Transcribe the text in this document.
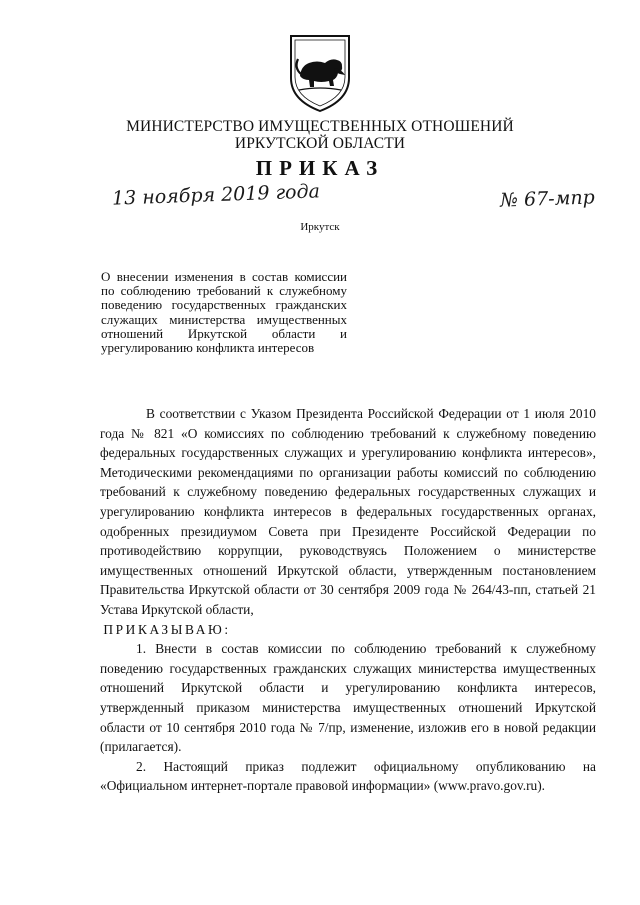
МИНИСТЕРСТВО ИМУЩЕСТВЕННЫХ ОТНОШЕНИЙ
ИРКУТСКОЙ ОБЛАСТИ
ПРИКАЗ
13 ноября 2019 года	№ 67-мпр
Иркутск
О внесении изменения в состав комиссии по соблюдению требований к служебному поведению государственных гражданских служащих министерства имущественных отношений Иркутской области и урегулированию конфликта интересов

В соответствии с Указом Президента Российской Федерации от 1 июля 2010 года № 821 «О комиссиях по соблюдению требований к служебному поведению федеральных государственных служащих и урегулированию конфликта интересов», Методическими рекомендациями по организации работы комиссий по соблюдению требований к служебному поведению федеральных государственных служащих и урегулированию конфликта интересов в федеральных государственных органах, одобренных президиумом Совета при Президенте Российской Федерации по противодействию коррупции, руководствуясь Положением о министерстве имущественных отношений Иркутской области, утвержденным постановлением Правительства Иркутской области от 30 сентября 2009 года № 264/43-пп, статьей 21 Устава Иркутской области,

ПРИКАЗЫВАЮ:

1. Внести в состав комиссии по соблюдению требований к служебному поведению государственных гражданских служащих министерства имущественных отношений Иркутской области и урегулированию конфликта интересов, утвержденный приказом министерства имущественных отношений Иркутской области от 10 сентября 2010 года № 7/пр, изменение, изложив его в новой редакции (прилагается).

2. Настоящий приказ подлежит официальному опубликованию на «Официальном интернет-портале правовой информации» (www.pravo.gov.ru).
